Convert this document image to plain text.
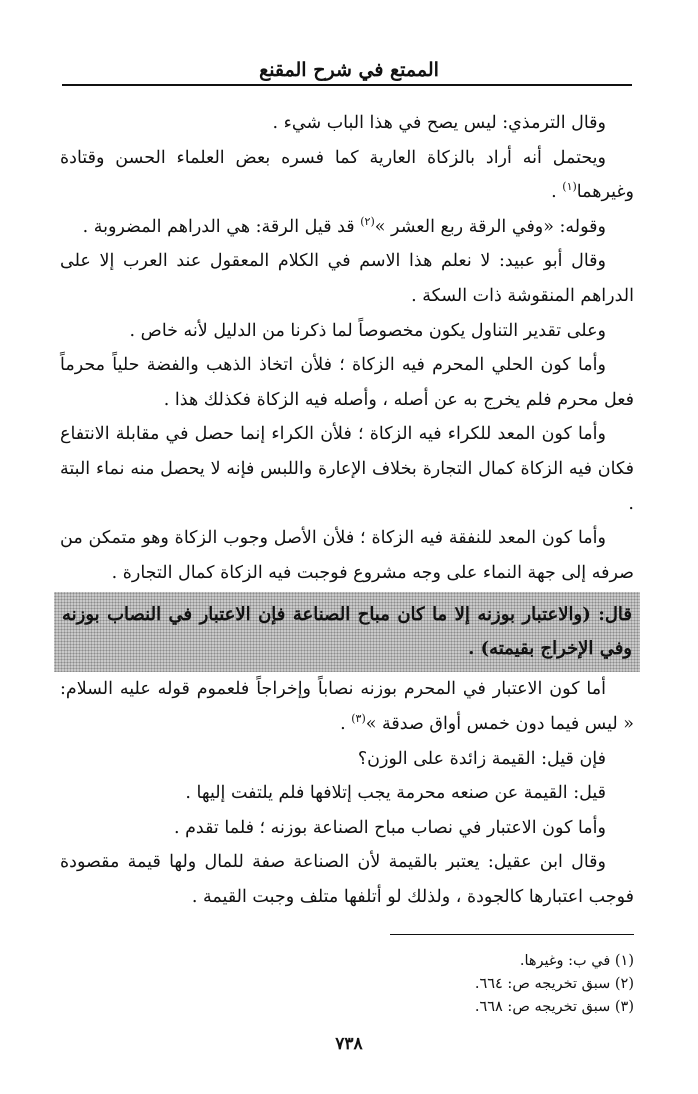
الممتع في شرح المقنع

وقال الترمذي: ليس يصح في هذا الباب شيء .

ويحتمل أنه أراد بالزكاة العارية كما فسره بعض العلماء الحسن وقتادة وغيرهما$^{(١)}$ .

وقوله: «وفي الرقة ربع العشر »$^{(٢)}$ قد قيل الرقة: هي الدراهم المضروبة .

وقال أبو عبيد: لا نعلم هذا الاسم في الكلام المعقول عند العرب إلا على الدراهم المنقوشة ذات السكة .

وعلى تقدير التناول يكون مخصوصاً لما ذكرنا من الدليل لأنه خاص .

وأما كون الحلي المحرم فيه الزكاة ؛ فلأن اتخاذ الذهب والفضة حلياً محرماً فعل محرم فلم يخرج به عن أصله ، وأصله فيه الزكاة فكذلك هذا .

وأما كون المعد للكراء فيه الزكاة ؛ فلأن الكراء إنما حصل في مقابلة الانتفاع فكان فيه الزكاة كمال التجارة بخلاف الإعارة واللبس فإنه لا يحصل منه نماء البتة .

وأما كون المعد للنفقة فيه الزكاة ؛ فلأن الأصل وجوب الزكاة وهو متمكن من صرفه إلى جهة النماء على وجه مشروع فوجبت فيه الزكاة كمال التجارة .

قال: (والاعتبار بوزنه إلا ما كان مباح الصناعة فإن الاعتبار في النصاب بوزنه وفي الإخراج بقيمته) .

أما كون الاعتبار في المحرم بوزنه نصاباً وإخراجاً فلعموم قوله عليه السلام: « ليس فيما دون خمس أواق صدقة »$^{(٣)}$ .

فإن قيل: القيمة زائدة على الوزن؟

قيل: القيمة عن صنعه محرمة يجب إتلافها فلم يلتفت إليها .

وأما كون الاعتبار في نصاب مباح الصناعة بوزنه ؛ فلما تقدم .

وقال ابن عقيل: يعتبر بالقيمة لأن الصناعة صفة للمال ولها قيمة مقصودة فوجب اعتبارها كالجودة ، ولذلك لو أتلفها متلف وجبت القيمة .

(١) في ب: وغيرها.

(٢) سبق تخريجه ص: ٦٦٤.

(٣) سبق تخريجه ص: ٦٦٨.

٧٣٨
